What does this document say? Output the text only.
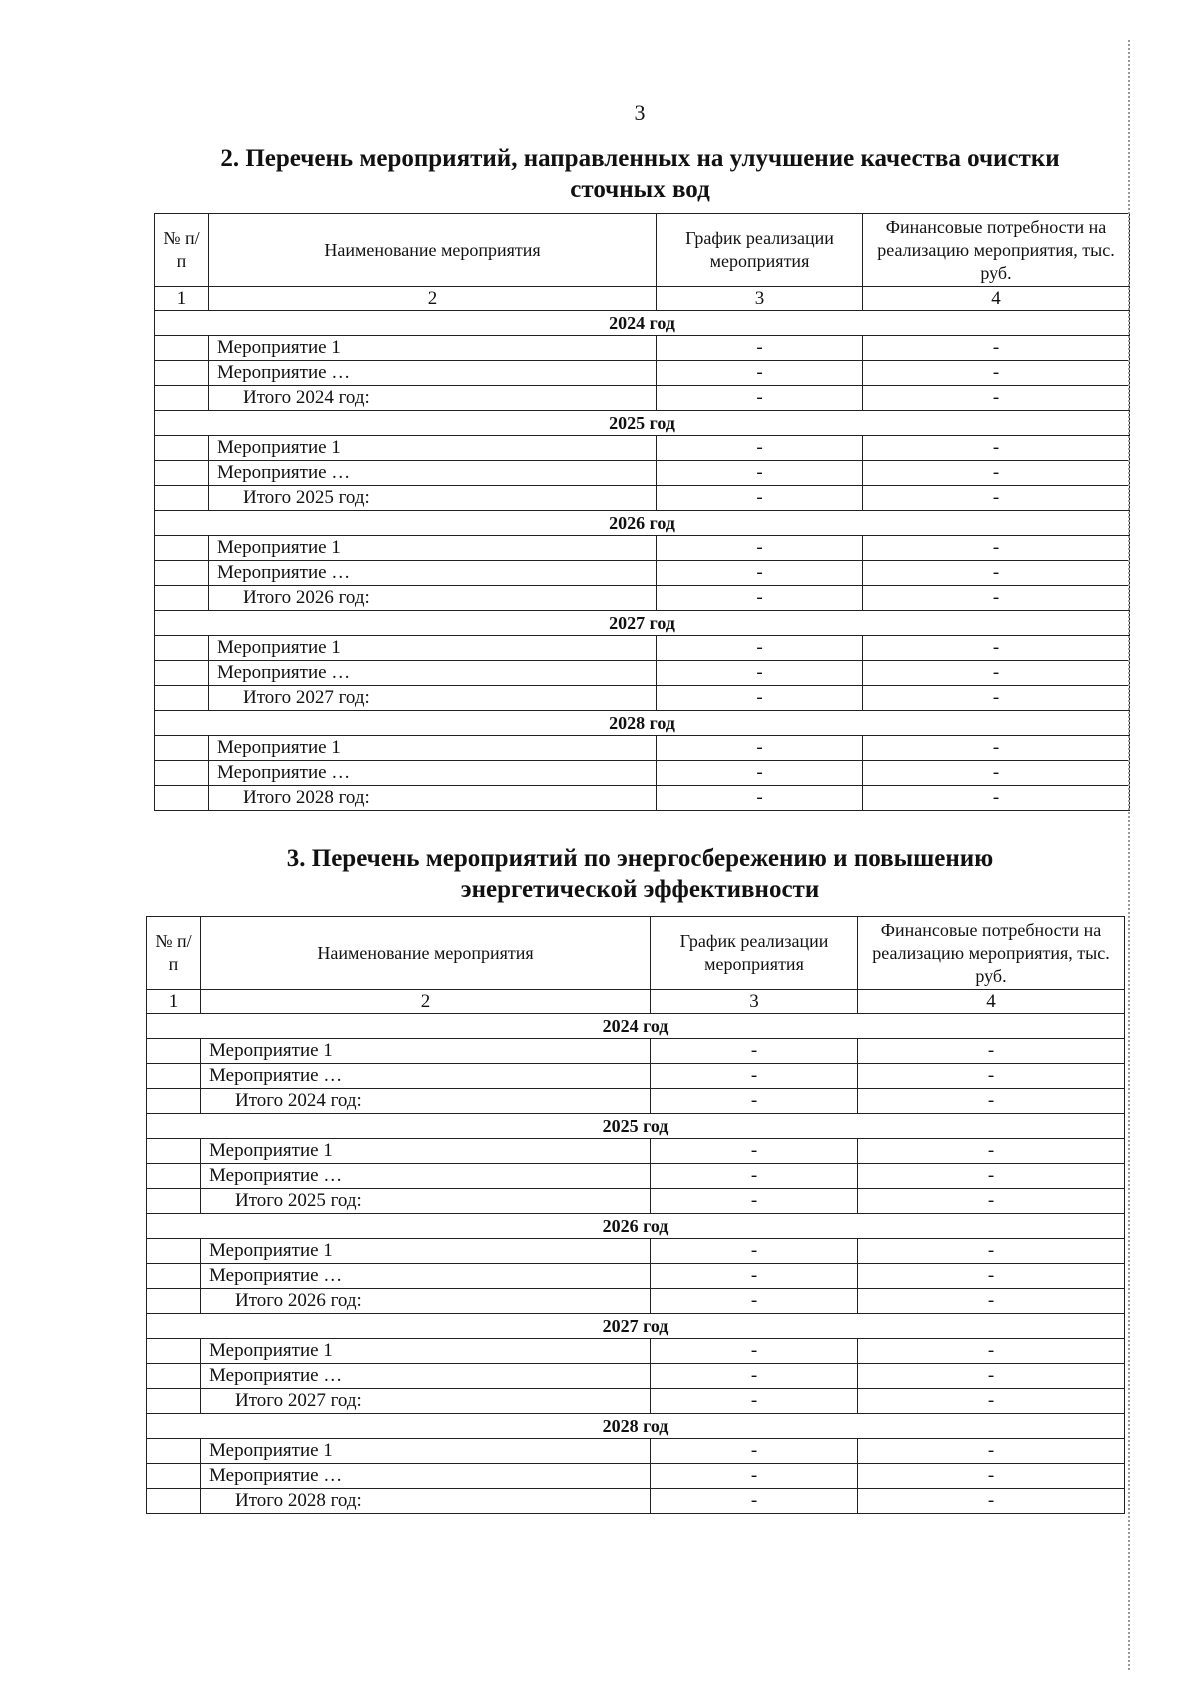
3
2. Перечень мероприятий, направленных на улучшение качества очистки
сточных вод
№ п/п	Наименование мероприятия	График реализации мероприятия	Финансовые потребности на реализацию мероприятия, тыс. руб.
1	2	3	4
2024 год			
	Мероприятие 1	-	-
	Мероприятие …	-	-
	Итого 2024 год:	-	-
2025 год			
	Мероприятие 1	-	-
	Мероприятие …	-	-
	Итого 2025 год:	-	-
2026 год			
	Мероприятие 1	-	-
	Мероприятие …	-	-
	Итого 2026 год:	-	-
2027 год			
	Мероприятие 1	-	-
	Мероприятие …	-	-
	Итого 2027 год:	-	-
2028 год			
	Мероприятие 1	-	-
	Мероприятие …	-	-
	Итого 2028 год:	-	-
3. Перечень мероприятий по энергосбережению и повышению
энергетической эффективности
№ п/п	Наименование мероприятия	График реализации мероприятия	Финансовые потребности на реализацию мероприятия, тыс. руб.
1	2	3	4
2024 год			
	Мероприятие 1	-	-
	Мероприятие …	-	-
	Итого 2024 год:	-	-
2025 год			
	Мероприятие 1	-	-
	Мероприятие …	-	-
	Итого 2025 год:	-	-
2026 год			
	Мероприятие 1	-	-
	Мероприятие …	-	-
	Итого 2026 год:	-	-
2027 год			
	Мероприятие 1	-	-
	Мероприятие …	-	-
	Итого 2027 год:	-	-
2028 год			
	Мероприятие 1	-	-
	Мероприятие …	-	-
	Итого 2028 год:	-	-
